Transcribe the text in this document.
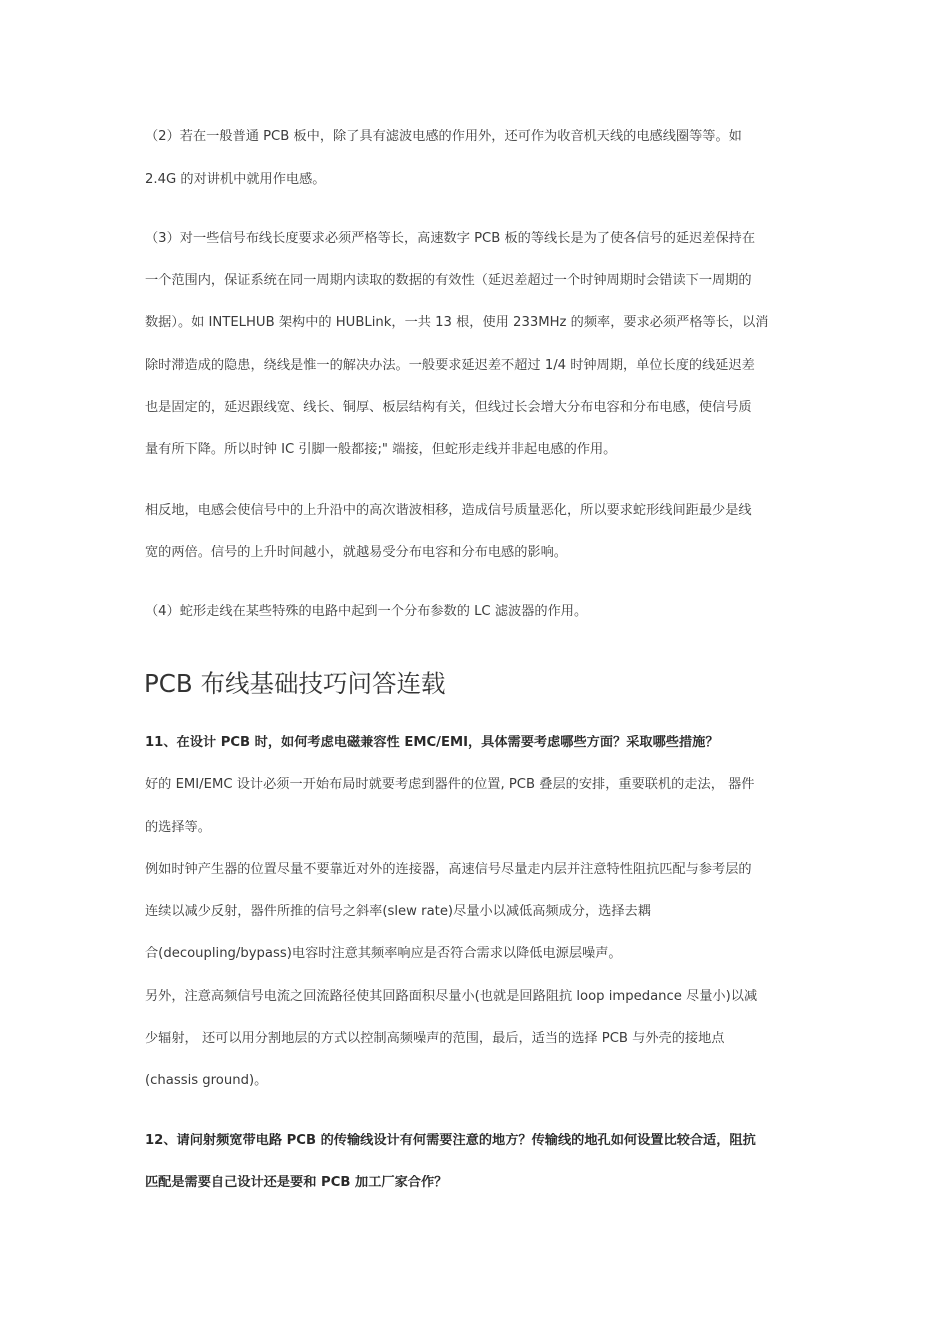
（2）若在一般普通 PCB 板中，除了具有滤波电感的作用外，还可作为收音机天线的电感线圈等等。如
2.4G 的对讲机中就用作电感。
（3）对一些信号布线长度要求必须严格等长，高速数字 PCB 板的等线长是为了使各信号的延迟差保持在
一个范围内，保证系统在同一周期内读取的数据的有效性（延迟差超过一个时钟周期时会错读下一周期的
数据）。如 INTELHUB 架构中的 HUBLink，一共 13 根，使用 233MHz 的频率，要求必须严格等长，以消
除时滞造成的隐患，绕线是惟一的解决办法。一般要求延迟差不超过 1/4 时钟周期，单位长度的线延迟差
也是固定的，延迟跟线宽、线长、铜厚、板层结构有关，但线过长会增大分布电容和分布电感，使信号质
量有所下降。所以时钟 IC 引脚一般都接;" 端接，但蛇形走线并非起电感的作用。
相反地，电感会使信号中的上升沿中的高次谐波相移，造成信号质量恶化，所以要求蛇形线间距最少是线
宽的两倍。信号的上升时间越小，就越易受分布电容和分布电感的影响。
（4）蛇形走线在某些特殊的电路中起到一个分布参数的 LC 滤波器的作用。
PCB 布线基础技巧问答连载
11、在设计 PCB 时，如何考虑电磁兼容性 EMC/EMI，具体需要考虑哪些方面？采取哪些措施？
好的 EMI/EMC 设计必须一开始布局时就要考虑到器件的位置, PCB 叠层的安排，重要联机的走法， 器件
的选择等。
例如时钟产生器的位置尽量不要靠近对外的连接器，高速信号尽量走内层并注意特性阻抗匹配与参考层的
连续以减少反射，器件所推的信号之斜率(slew rate)尽量小以减低高频成分，选择去耦
合(decoupling/bypass)电容时注意其频率响应是否符合需求以降低电源层噪声。
另外，注意高频信号电流之回流路径使其回路面积尽量小(也就是回路阻抗 loop impedance 尽量小)以减
少辐射， 还可以用分割地层的方式以控制高频噪声的范围，最后，适当的选择 PCB 与外壳的接地点
(chassis ground)。
12、请问射频宽带电路 PCB 的传输线设计有何需要注意的地方？传输线的地孔如何设置比较合适，阻抗
匹配是需要自己设计还是要和 PCB 加工厂家合作？
